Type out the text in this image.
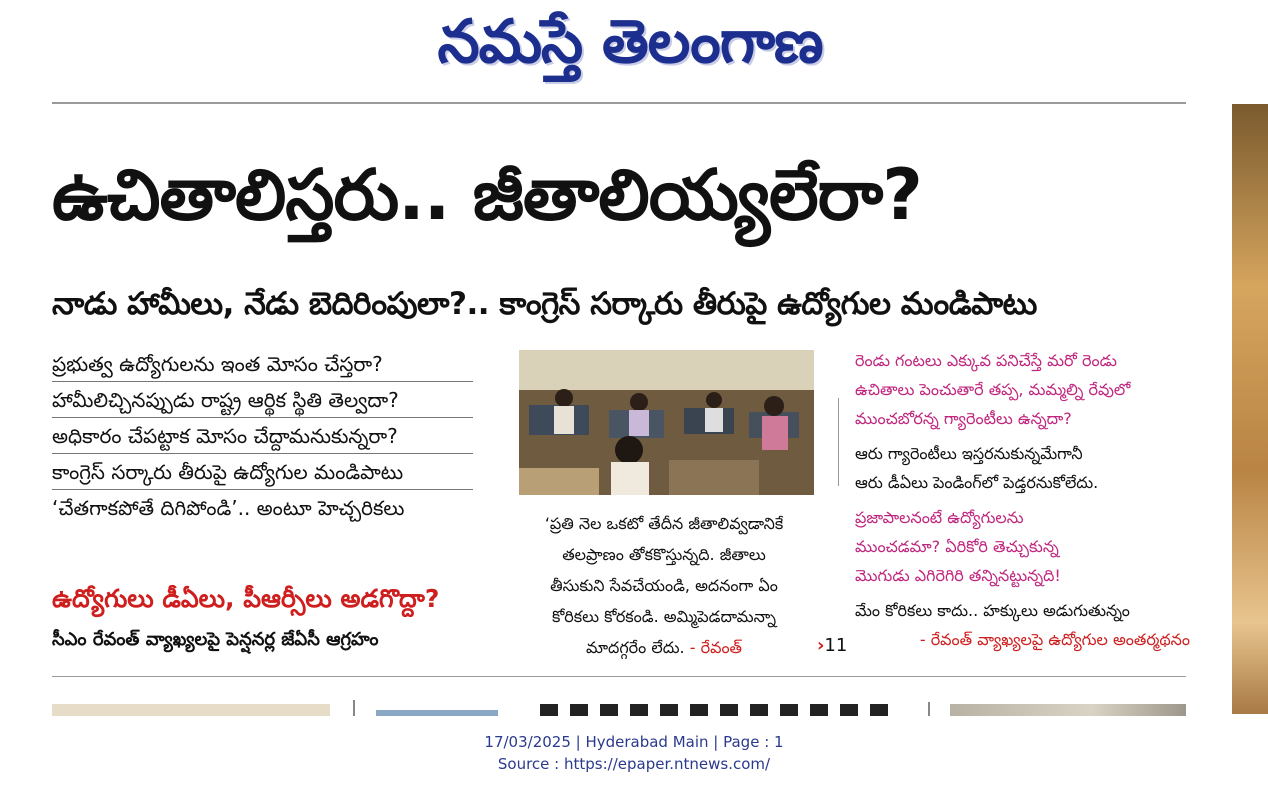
నమస్తే తెలంగాణ
ఉచితాలిస్తరు.. జీతాలియ్యలేరా?
నాడు హామీలు, నేడు బెదిరింపులా?.. కాంగ్రెస్ సర్కారు తీరుపై ఉద్యోగుల మండిపాటు
ప్రభుత్వ ఉద్యోగులను ఇంత మోసం చేస్తరా?
హామీలిచ్చినప్పుడు రాష్ట్ర ఆర్థిక స్థితి తెల్వదా?
అధికారం చేపట్టాక మోసం చేద్దామనుకున్నరా?
కాంగ్రెస్ సర్కారు తీరుపై ఉద్యోగుల మండిపాటు
‘చేతగాకపోతే దిగిపోండి’.. అంటూ హెచ్చరికలు
ఉద్యోగులు డీఏలు, పీఆర్సీలు అడగొద్దా?
సీఎం రేవంత్ వ్యాఖ్యలపై పెన్షనర్ల జేఏసీ ఆగ్రహం
‘ప్రతి నెల ఒకటో తేదీన జీతాలివ్వడానికే
తలప్రాణం తోకకొస్తున్నది. జీతాలు
తీసుకుని సేవచేయండి, అదనంగా ఏం
కోరికలు కోరకండి. అమ్మిపెడదామన్నా
మాదగ్గరేం లేదు. - రేవంత్	›11
రెండు గంటలు ఎక్కువ పనిచేస్తే మరో రెండు
ఉచితాలు పెంచుతారే తప్ప, మమ్మల్ని రేవులో
ముంచబోరన్న గ్యారెంటీలు ఉన్నదా?
ఆరు గ్యారెంటీలు ఇస్తరనుకున్నమేగానీ
ఆరు డీఏలు పెండింగ్‌లో పెడ్తరనుకోలేదు.
ప్రజాపాలనంటే ఉద్యోగులను
ముంచడమా? ఏరికోరి తెచ్చుకున్న
మొగుడు ఎగిరెగిరి తన్నినట్టున్నది!
మేం కోరికలు కాదు.. హక్కులు అడుగుతున్నం
- రేవంత్ వ్యాఖ్యలపై ఉద్యోగుల అంతర్మథనం
17/03/2025 | Hyderabad Main | Page : 1
Source : https://epaper.ntnews.com/
